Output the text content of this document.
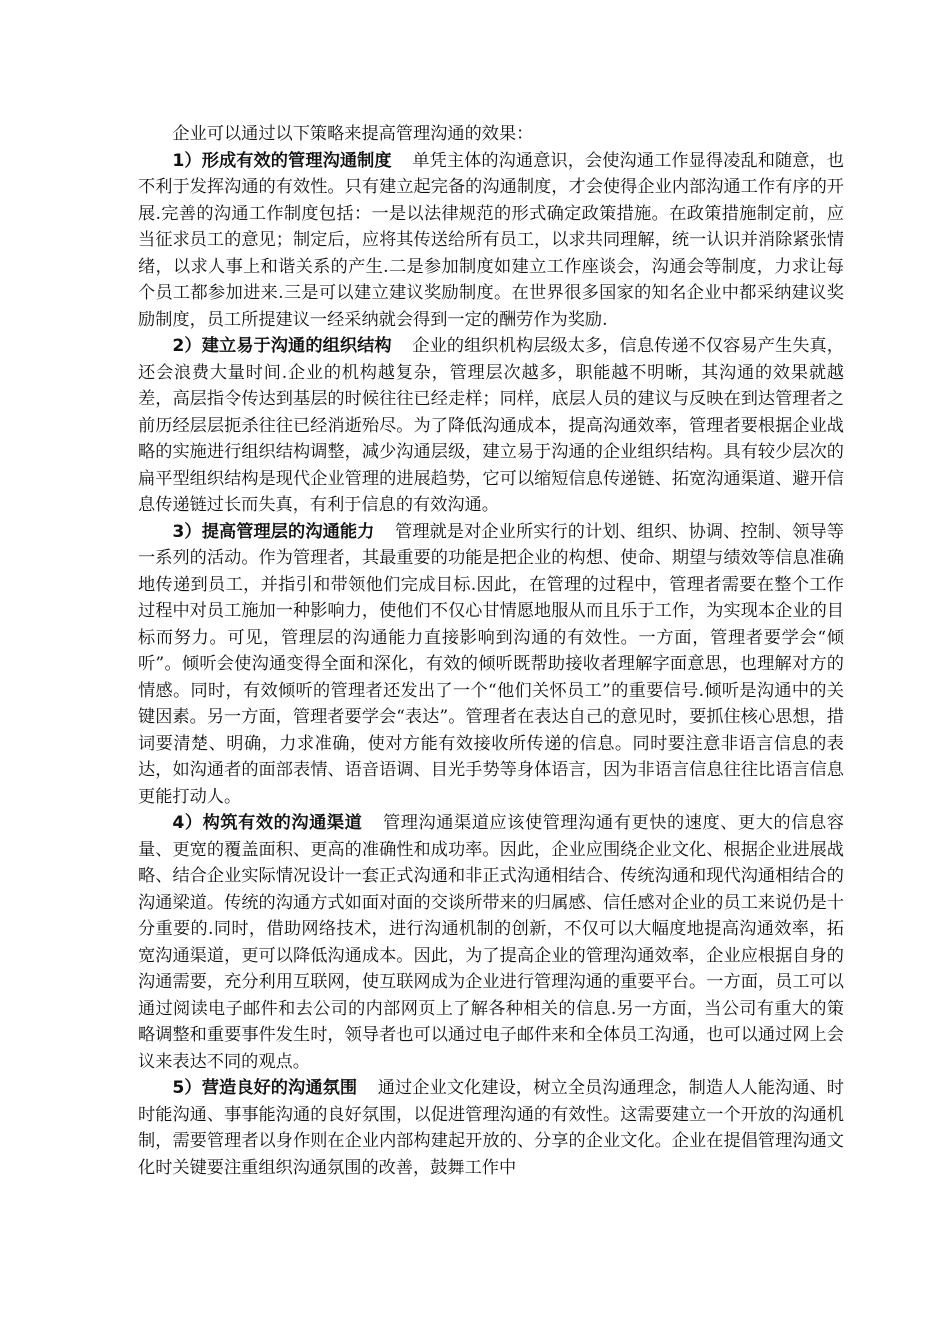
企业可以通过以下策略来提高管理沟通的效果：

1）形成有效的管理沟通制度 单凭主体的沟通意识，会使沟通工作显得凌乱和随意，也不利于发挥沟通的有效性。只有建立起完备的沟通制度，才会使得企业内部沟通工作有序的开展.完善的沟通工作制度包括：一是以法律规范的形式确定政策措施。在政策措施制定前，应当征求员工的意见；制定后，应将其传送给所有员工，以求共同理解，统一认识并消除紧张情绪，以求人事上和谐关系的产生.二是参加制度如建立工作座谈会，沟通会等制度，力求让每个员工都参加进来.三是可以建立建议奖励制度。在世界很多国家的知名企业中都采纳建议奖励制度，员工所提建议一经采纳就会得到一定的酬劳作为奖励.

2）建立易于沟通的组织结构 企业的组织机构层级太多，信息传递不仅容易产生失真，还会浪费大量时间.企业的机构越复杂，管理层次越多，职能越不明晰，其沟通的效果就越差，高层指令传达到基层的时候往往已经走样；同样，底层人员的建议与反映在到达管理者之前历经层层扼杀往往已经消逝殆尽。为了降低沟通成本，提高沟通效率，管理者要根据企业战略的实施进行组织结构调整，减少沟通层级，建立易于沟通的企业组织结构。具有较少层次的扁平型组织结构是现代企业管理的进展趋势，它可以缩短信息传递链、拓宽沟通渠道、避开信息传递链过长而失真，有利于信息的有效沟通。

3）提高管理层的沟通能力 管理就是对企业所实行的计划、组织、协调、控制、领导等一系列的活动。作为管理者，其最重要的功能是把企业的构想、使命、期望与绩效等信息准确地传递到员工，并指引和带领他们完成目标.因此，在管理的过程中，管理者需要在整个工作过程中对员工施加一种影响力，使他们不仅心甘情愿地服从而且乐于工作，为实现本企业的目标而努力。可见，管理层的沟通能力直接影响到沟通的有效性。一方面，管理者要学会“倾听”。倾听会使沟通变得全面和深化，有效的倾听既帮助接收者理解字面意思，也理解对方的情感。同时，有效倾听的管理者还发出了一个“他们关怀员工”的重要信号.倾听是沟通中的关键因素。另一方面，管理者要学会“表达”。管理者在表达自己的意见时，要抓住核心思想，措词要清楚、明确，力求准确，使对方能有效接收所传递的信息。同时要注意非语言信息的表达，如沟通者的面部表情、语音语调、目光手势等身体语言，因为非语言信息往往比语言信息更能打动人。

4）构筑有效的沟通渠道 管理沟通渠道应该使管理沟通有更快的速度、更大的信息容量、更宽的覆盖面积、更高的准确性和成功率。因此，企业应围绕企业文化、根据企业进展战略、结合企业实际情况设计一套正式沟通和非正式沟通相结合、传统沟通和现代沟通相结合的沟通梁道。传统的沟通方式如面对面的交谈所带来的归属感、信任感对企业的员工来说仍是十分重要的.同时，借助网络技术，进行沟通机制的创新，不仅可以大幅度地提高沟通效率，拓宽沟通渠道，更可以降低沟通成本。因此，为了提高企业的管理沟通效率，企业应根据自身的沟通需要，充分利用互联网，使互联网成为企业进行管理沟通的重要平台。一方面，员工可以通过阅读电子邮件和去公司的内部网页上了解各种相关的信息.另一方面，当公司有重大的策略调整和重要事件发生时，领导者也可以通过电子邮件来和全体员工沟通，也可以通过网上会议来表达不同的观点。

5）营造良好的沟通氛围 通过企业文化建设，树立全员沟通理念，制造人人能沟通、时时能沟通、事事能沟通的良好氛围，以促进管理沟通的有效性。这需要建立一个开放的沟通机制，需要管理者以身作则在企业内部构建起开放的、分享的企业文化。企业在提倡管理沟通文化时关键要注重组织沟通氛围的改善，鼓舞工作中
